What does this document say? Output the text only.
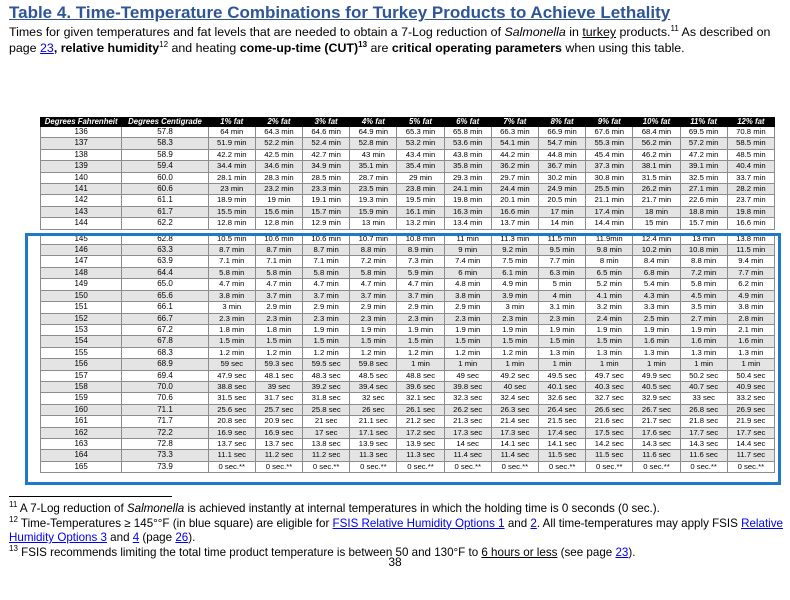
Table 4. Time-Temperature Combinations for Turkey Products to Achieve Lethality
Times for given temperatures and fat levels that are needed to obtain a 7-Log reduction of Salmonella in turkey products.$^{11}$ As described on page 23, relative humidity$^{12}$ and heating come-up-time (CUT)$^{13}$ are critical operating parameters when using this table.
Degrees Fahrenheit	Degrees Centigrade	1% fat	2% fat	3% fat	4% fat	5% fat	6% fat	7% fat	8% fat	9% fat	10% fat	11% fat	12% fat
136	57.8	64 min	64.3 min	64.6 min	64.9 min	65.3 min	65.8 min	66.3 min	66.9 min	67.6 min	68.4 min	69.5 min	70.8 min
137	58.3	51.9 min	52.2 min	52.4 min	52.8 min	53.2 min	53.6 min	54.1 min	54.7 min	55.3 min	56.2 min	57.2 min	58.5 min
138	58.9	42.2 min	42.5 min	42.7 min	43 min	43.4 min	43.8 min	44.2 min	44.8 min	45.4 min	46.2 min	47.2 min	48.5 min
139	59.4	34.4 min	34.6 min	34.9 min	35.1 min	35.4 min	35.8 min	36.2 min	36.7 min	37.3 min	38.1 min	39.1 min	40.4 min
140	60.0	28.1 min	28.3 min	28.5 min	28.7 min	29 min	29.3 min	29.7 min	30.2 min	30.8 min	31.5 min	32.5 min	33.7 min
141	60.6	23 min	23.2 min	23.3 min	23.5 min	23.8 min	24.1 min	24.4 min	24.9 min	25.5 min	26.2 min	27.1 min	28.2 min
142	61.1	18.9 min	19 min	19.1 min	19.3 min	19.5 min	19.8 min	20.1 min	20.5 min	21.1 min	21.7 min	22.6 min	23.7 min
143	61.7	15.5 min	15.6 min	15.7 min	15.9 min	16.1 min	16.3 min	16.6 min	17 min	17.4 min	18 min	18.8 min	19.8 min
144	62.2	12.8 min	12.8 min	12.9 min	13 min	13.2 min	13.4 min	13.7 min	14 min	14.4 min	15 min	15.7 min	16.6 min

145	62.8	10.5 min	10.6 min	10.6 min	10.7 min	10.8 min	11 min	11.3 min	11.5 min	11.9min	12.4 min	13 min	13.8 min
146	63.3	8.7 min	8.7 min	8.7 min	8.8 min	8.9 min	9 min	9.2 min	9.5 min	9.8 min	10.2 min	10.8 min	11.5 min
147	63.9	7.1 min	7.1 min	7.1 min	7.2 min	7.3 min	7.4 min	7.5 min	7.7 min	8 min	8.4 min	8.8 min	9.4 min
148	64.4	5.8 min	5.8 min	5.8 min	5.8 min	5.9 min	6 min	6.1 min	6.3 min	6.5 min	6.8 min	7.2 min	7.7 min
149	65.0	4.7 min	4.7 min	4.7 min	4.7 min	4.7 min	4.8 min	4.9 min	5 min	5.2 min	5.4 min	5.8 min	6.2 min
150	65.6	3.8 min	3.7 min	3.7 min	3.7 min	3.7 min	3.8 min	3.9 min	4 min	4.1 min	4.3 min	4.5 min	4.9 min
151	66.1	3 min	2.9 min	2.9 min	2.9 min	2.9 min	2.9 min	3 min	3.1 min	3.2 min	3.3 min	3.5 min	3.8 min
152	66.7	2.3 min	2.3 min	2.3 min	2.3 min	2.3 min	2.3 min	2.3 min	2.3 min	2.4 min	2.5 min	2.7 min	2.8 min
153	67.2	1.8 min	1.8 min	1.9 min	1.9 min	1.9 min	1.9 min	1.9 min	1.9 min	1.9 min	1.9 min	1.9 min	2.1 min
154	67.8	1.5 min	1.5 min	1.5 min	1.5 min	1.5 min	1.5 min	1.5 min	1.5 min	1.5 min	1.6 min	1.6 min	1.6 min
155	68.3	1.2 min	1.2 min	1.2 min	1.2 min	1.2 min	1.2 min	1.2 min	1.3 min	1.3 min	1.3 min	1.3 min	1.3 min
156	68.9	59 sec	59.3 sec	59.5 sec	59.8 sec	1 min	1 min	1 min	1 min	1 min	1 min	1 min	1 min
157	69.4	47.9 sec	48.1 sec	48.3 sec	48.5 sec	48.8 sec	49 sec	49.2 sec	49.5 sec	49.7 sec	49.9 sec	50.2 sec	50.4 sec
158	70.0	38.8 sec	39 sec	39.2 sec	39.4 sec	39.6 sec	39.8 sec	40 sec	40.1 sec	40.3 sec	40.5 sec	40.7 sec	40.9 sec
159	70.6	31.5 sec	31.7 sec	31.8 sec	32 sec	32.1 sec	32.3 sec	32.4 sec	32.6 sec	32.7 sec	32.9 sec	33 sec	33.2 sec
160	71.1	25.6 sec	25.7 sec	25.8 sec	26 sec	26.1 sec	26.2 sec	26.3 sec	26.4 sec	26.6 sec	26.7 sec	26.8 sec	26.9 sec
161	71.7	20.8 sec	20.9 sec	21 sec	21.1 sec	21.2 sec	21.3 sec	21.4 sec	21.5 sec	21.6 sec	21.7 sec	21.8 sec	21.9 sec
162	72.2	16.9 sec	16.9 sec	17 sec	17.1 sec	17.2 sec	17.3 sec	17.3 sec	17.4 sec	17.5 sec	17.6 sec	17.7 sec	17.7 sec
163	72.8	13.7 sec	13.7 sec	13.8 sec	13.9 sec	13.9 sec	14 sec	14.1 sec	14.1 sec	14.2 sec	14.3 sec	14.3 sec	14.4 sec
164	73.3	11.1 sec	11.2 sec	11.2 sec	11.3 sec	11.3 sec	11.4 sec	11.4 sec	11.5 sec	11.5 sec	11.6 sec	11.6 sec	11.7 sec
165	73.9	0 sec.**	0 sec.**	0 sec.**	0 sec.**	0 sec.**	0 sec.**	0 sec.**	0 sec.**	0 sec.**	0 sec.**	0 sec.**	0 sec.**

$^{11}$ A 7-Log reduction of Salmonella is achieved instantly at internal temperatures in which the holding time is 0 seconds (0 sec.).

$^{12}$ Time-Temperatures ≥ 145°°F (in blue square) are eligible for FSIS Relative Humidity Options 1 and 2. All time-temperatures may apply FSIS Relative Humidity Options 3 and 4 (page 26).

$^{13}$ FSIS recommends limiting the total time product temperature is between 50 and 130°F to 6 hours or less (see page 23).

38
